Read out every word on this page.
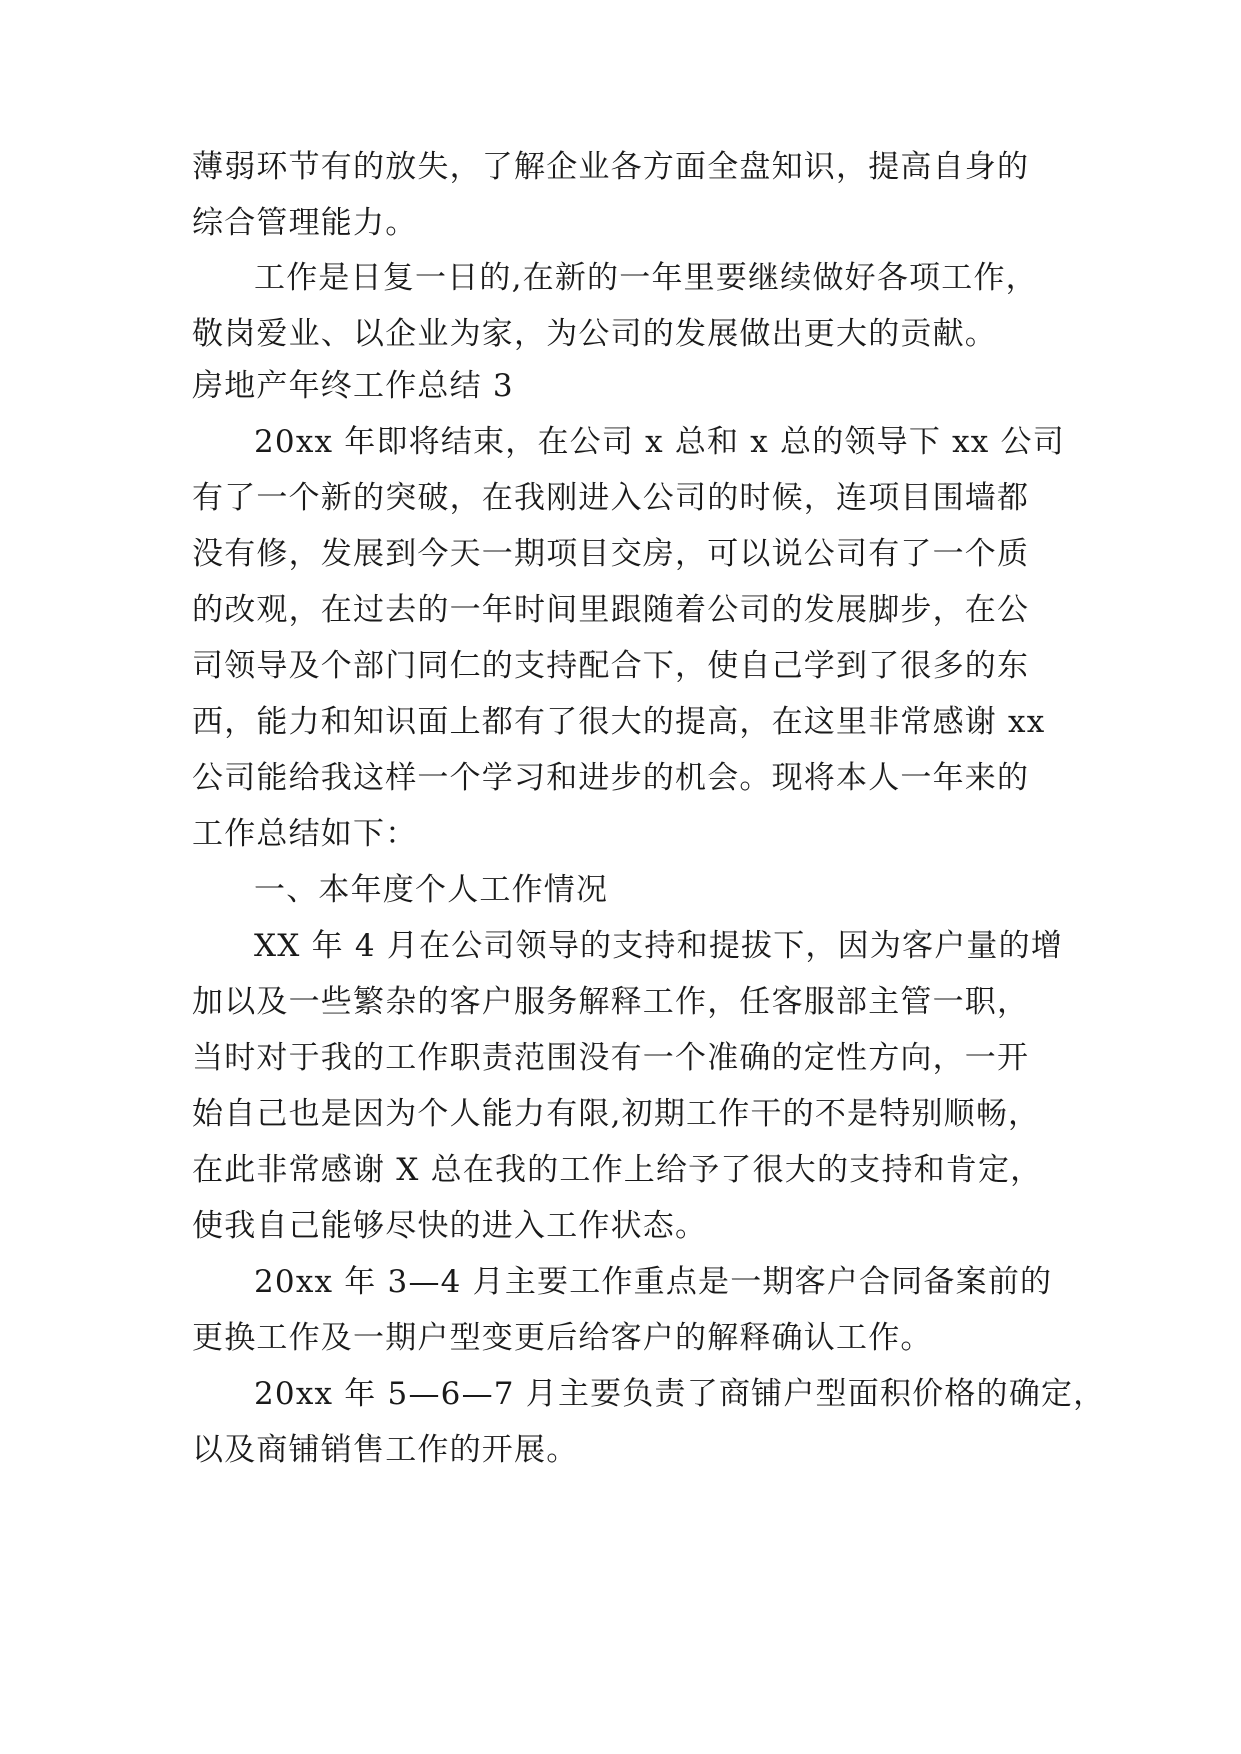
薄弱环节有的放失，了解企业各方面全盘知识，提高自身的
综合管理能力。
工作是日复一日的,在新的一年里要继续做好各项工作，
敬岗爱业、以企业为家，为公司的发展做出更大的贡献。
房地产年终工作总结 3
20xx 年即将结束，在公司 x 总和 x 总的领导下 xx 公司
有了一个新的突破，在我刚进入公司的时候，连项目围墙都
没有修，发展到今天一期项目交房，可以说公司有了一个质
的改观，在过去的一年时间里跟随着公司的发展脚步，在公
司领导及个部门同仁的支持配合下，使自己学到了很多的东
西，能力和知识面上都有了很大的提高，在这里非常感谢 xx
公司能给我这样一个学习和进步的机会。现将本人一年来的
工作总结如下：
一、本年度个人工作情况
XX 年 4 月在公司领导的支持和提拔下，因为客户量的增
加以及一些繁杂的客户服务解释工作，任客服部主管一职，
当时对于我的工作职责范围没有一个准确的定性方向，一开
始自己也是因为个人能力有限,初期工作干的不是特别顺畅，
在此非常感谢 X 总在我的工作上给予了很大的支持和肯定，
使我自己能够尽快的进入工作状态。
20xx 年 3—4 月主要工作重点是一期客户合同备案前的
更换工作及一期户型变更后给客户的解释确认工作。
20xx 年 5—6—7 月主要负责了商铺户型面积价格的确定，
以及商铺销售工作的开展。
